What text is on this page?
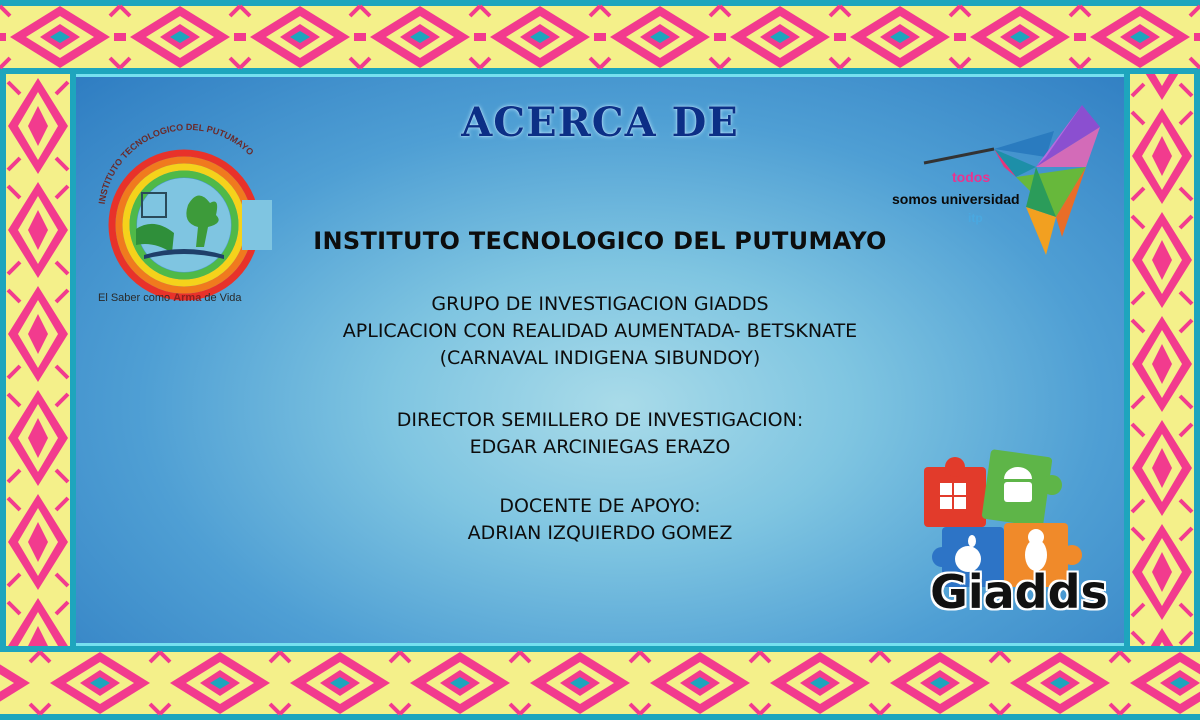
ACERCA DE
INSTITUTO TECNOLOGICO DEL PUTUMAYO
El Saber como Arma de Vida
todos
somos universidad
itp
INSTITUTO TECNOLOGICO DEL PUTUMAYO
GRUPO DE INVESTIGACION GIADDS
APLICACION CON REALIDAD AUMENTADA- BETSKNATE
(CARNAVAL INDIGENA SIBUNDOY)
DIRECTOR SEMILLERO DE INVESTIGACION:
EDGAR ARCINIEGAS ERAZO
DOCENTE DE APOYO:
ADRIAN IZQUIERDO GOMEZ
Giadds
